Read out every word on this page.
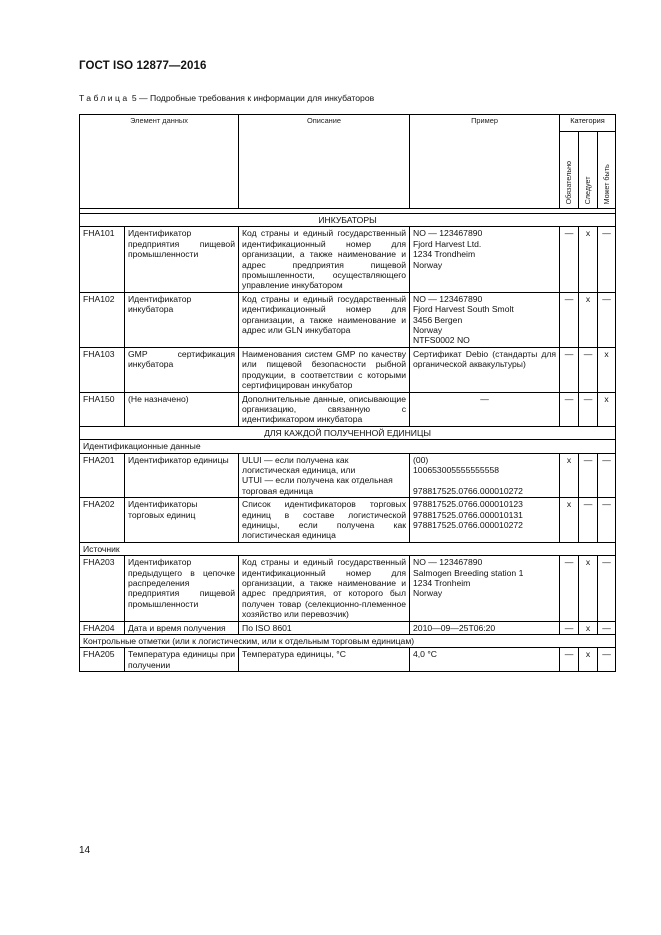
ГОСТ ISO 12877—2016
Таблица 5 — Подробные требования к информации для инкубаторов
Элемент данных		Описание	Пример	Категория		

				Обязательно	Следует	Может быть

ИНКУБАТОРЫ						
FHA101	Идентификатор предприятия пищевой промышленности	Код страны и единый государственный идентификационный номер для организации, а также наименование и адрес предприятия пищевой промышленности, осуществляющего управление инкубатором	NO — 123467890
Fjord Harvest Ltd.
1234 Trondheim
Norway	—	x	—
FHA102	Идентификатор инкубатора	Код страны и единый государственный идентификационный номер для организации, а также наименование и адрес или GLN инкубатора	NO — 123467890
Fjord Harvest South Smolt
3456 Bergen
Norway
NTFS0002 NO	—	x	—
FHA103	GMP сертификация инкубатора	Наименования систем GMP по качеству или пищевой безопасности рыбной продукции, в соответствии с которыми сертифицирован инкубатор	Сертификат Debio (стандарты для органической аквакультуры)	—	—	x
FHA150	(Не назначено)	Дополнительные данные, описывающие организацию, связанную с идентификатором инкубатора	—	—	—	x
ДЛЯ КАЖДОЙ ПОЛУЧЕННОЙ ЕДИНИЦЫ						
Идентификационные данные						
FHA201	Идентификатор единицы	ULUI — если получена как логистическая единица, или
UTUI — если получена как отдельная торговая единица	(00)
100653005555555558

978817525.0766.000010272	x	—	—
FHA202	Идентификаторы торговых единиц	Список идентификаторов торговых единиц в составе логистической единицы, если получена как логистическая единица	978817525.0766.000010123
978817525.0766.000010131
978817525.0766.000010272	x	—	—
Источник						
FHA203	Идентификатор предыдущего в цепочке распределения предприятия пищевой промышленности	Код страны и единый государственный идентификационный номер для организации, а также наименование и адрес предприятия, от которого был получен товар (селекционно-племенное хозяйство или перевозчик)	NO — 123467890
Salmogen Breeding station 1
1234 Tronheim
Norway	—	x	—
FHA204	Дата и время получения	По ISO 8601	2010—09—25T06:20	—	x	—
Контрольные отметки (или к логистическим, или к отдельным торговым единицам)						
FHA205	Температура единицы при получении	Температура единицы, °С	4,0 °С	—	x	—
14
